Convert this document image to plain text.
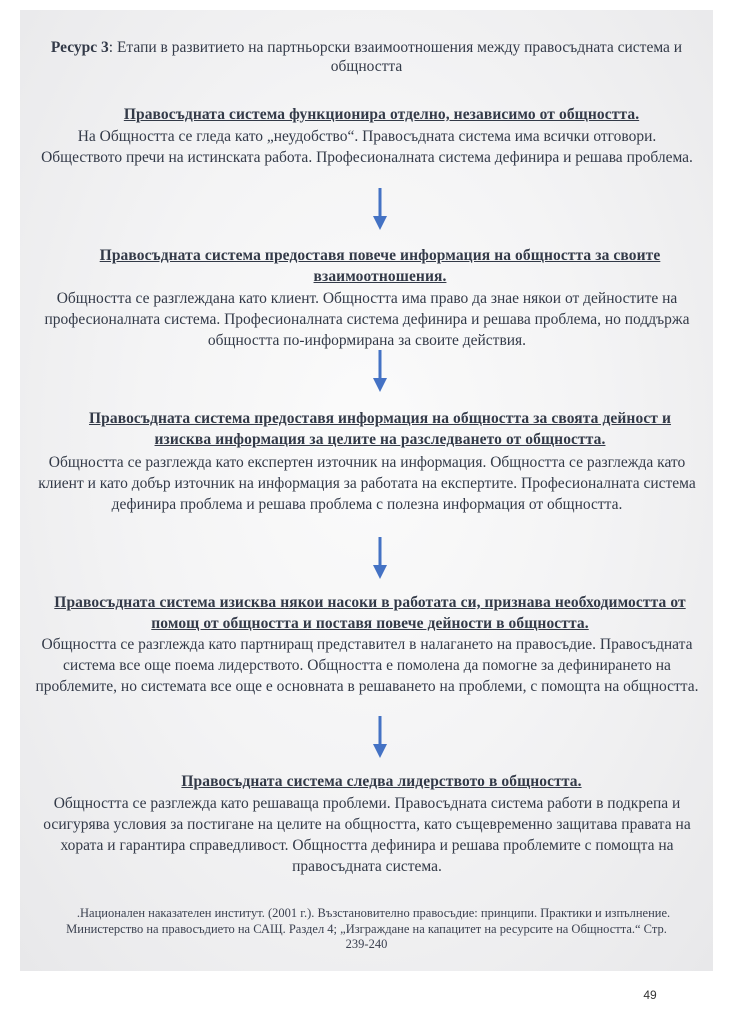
Ресурс 3: Етапи в развитието на партньорски взаимоотношения между правосъдната система и общността
Правосъдната система функционира отделно, независимо от общността.
На Общността се гледа като „неудобство“. Правосъдната система има всички отговори. Обществото пречи на истинската работа. Професионалната система дефинира и решава проблема.
Правосъдната система предоставя повече информация на общността за своите взаимоотношения.
Общността се разглеждана като клиент. Общността има право да знае някои от дейностите на професионалната система. Професионалната система дефинира и решава проблема, но поддържа общността по-информирана за своите действия.
Правосъдната система предоставя информация на общността за своята дейност и изисква информация за целите на разследването от общността.
Общността се разглежда като експертен източник на информация. Общността се разглежда като клиент и като добър източник на информация за работата на експертите. Професионалната система дефинира проблема и решава проблема с полезна информация от общността.
Правосъдната система изисква някои насоки в работата си, признава необходимостта от помощ от общността и поставя повече дейности в общността.
Общността се разглежда като партниращ представител в налагането на правосъдие. Правосъдната система все още поема лидерството. Общността е помолена да помогне за дефинирането на проблемите, но системата все още е основната в решаването на проблеми, с помощта на общността.
Правосъдната система следва лидерството в общността.
Общността се разглежда като решаваща проблеми. Правосъдната система работи в подкрепа и осигурява условия за постигане на целите на общността, като същевременно защитава правата на хората и гарантира справедливост. Общността дефинира и решава проблемите с помощта на правосъдната система.
.Национален наказателен институт. (2001 г.). Възстановително правосъдие: принципи. Практики и изпълнение.
Министерство на правосъдието на САЩ. Раздел 4; „Изграждане на капацитет на ресурсите на Общността.“ Стр.
239-240
49
